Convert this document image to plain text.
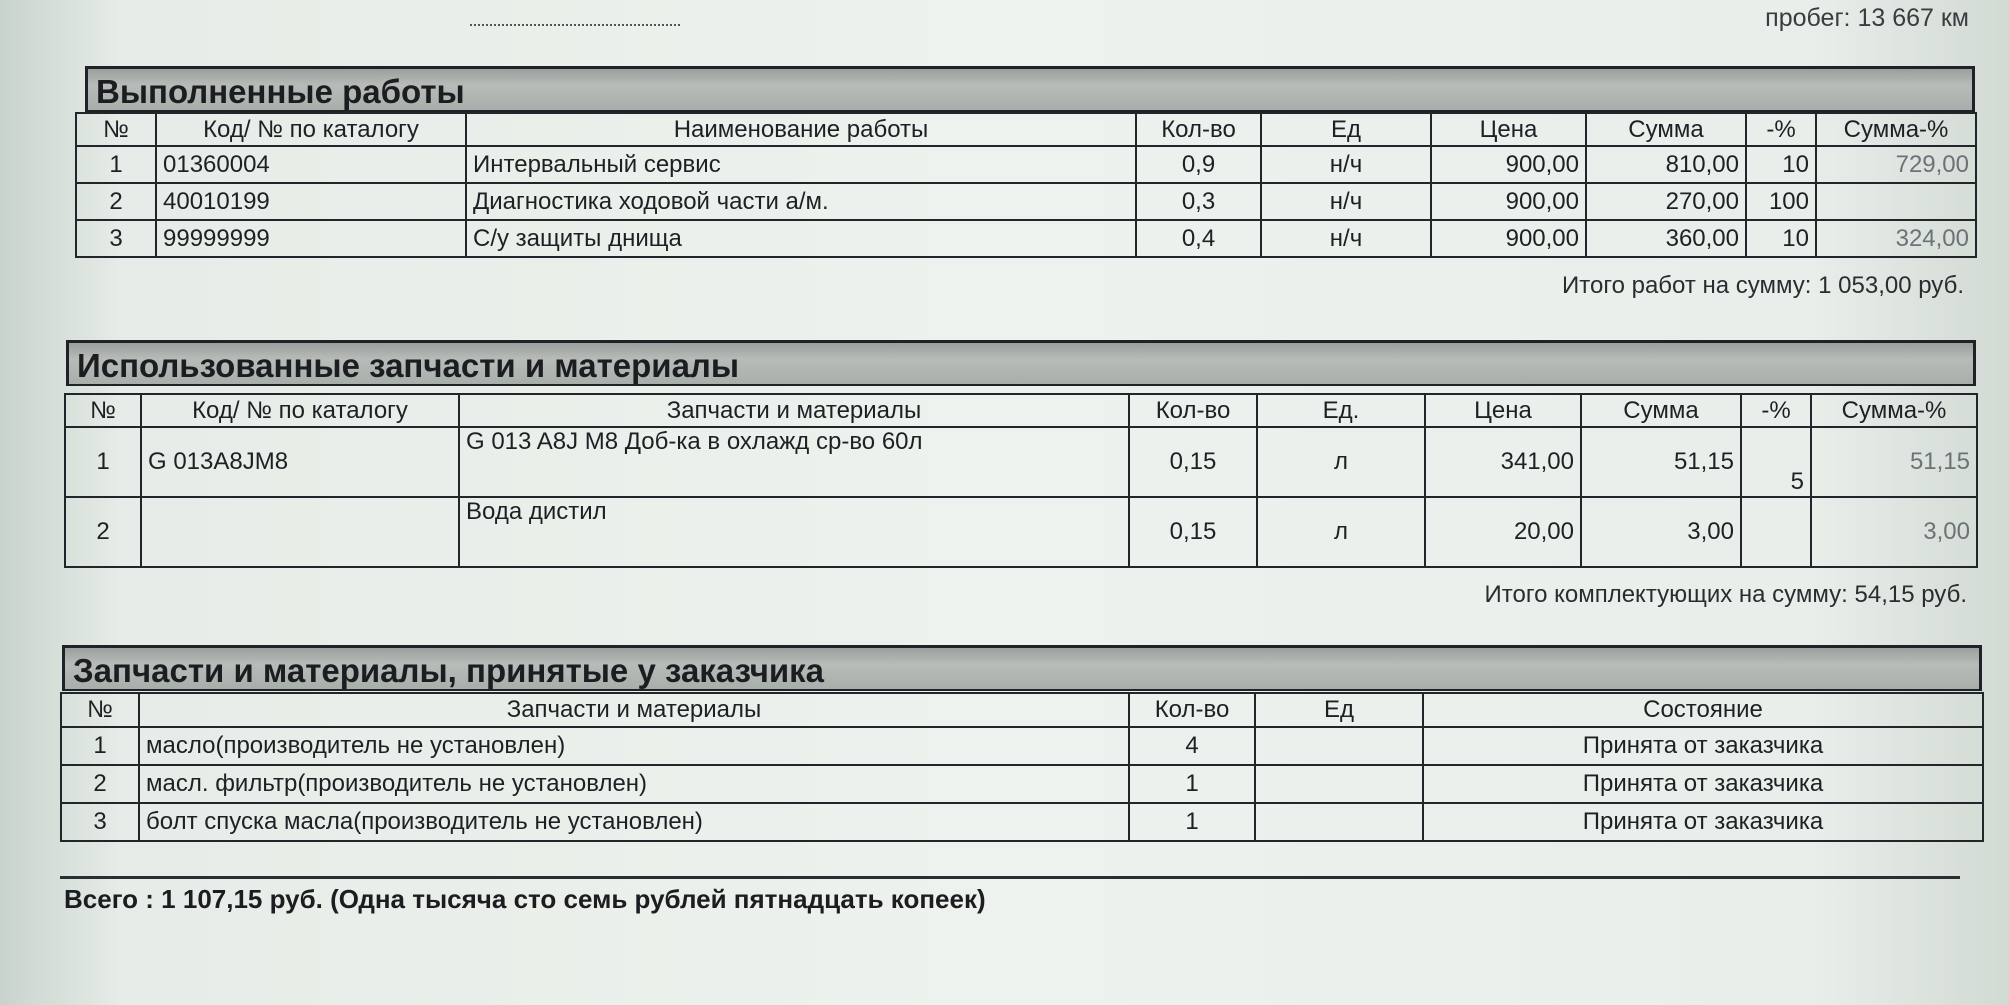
пробег: 13 667 км
Выполненные работы
№	Код/ № по каталогу	Наименование работы	Кол-во	Ед	Цена	Сумма	-%	Сумма-%
1	01360004	Интервальный сервис	0,9	н/ч	900,00	810,00	10	729,00
2	40010199	Диагностика ходовой части а/м.	0,3	н/ч	900,00	270,00	100	
3	99999999	С/у защиты днища	0,4	н/ч	900,00	360,00	10	324,00
Итого работ на сумму: 1 053,00 руб.
Использованные запчасти и материалы
№	Код/ № по каталогу	Запчасти и материалы	Кол-во	Ед.	Цена	Сумма	-%	Сумма-%
1	G 013A8JM8	G 013 A8J M8 Доб-ка в охлажд ср-во 60л	0,15	л	341,00	51,15	5	51,15
2		Вода дистил	0,15	л	20,00	3,00		3,00
Итого комплектующих на сумму: 54,15 руб.
Запчасти и материалы, принятые у заказчика
№	Запчасти и материалы	Кол-во	Ед	Состояние
1	масло(производитель не установлен)	4		Принята от заказчика
2	масл. фильтр(производитель не установлен)	1		Принята от заказчика
3	болт спуска масла(производитель не установлен)	1		Принята от заказчика
Всего : 1 107,15 руб. (Одна тысяча сто семь рублей пятнадцать копеек)
